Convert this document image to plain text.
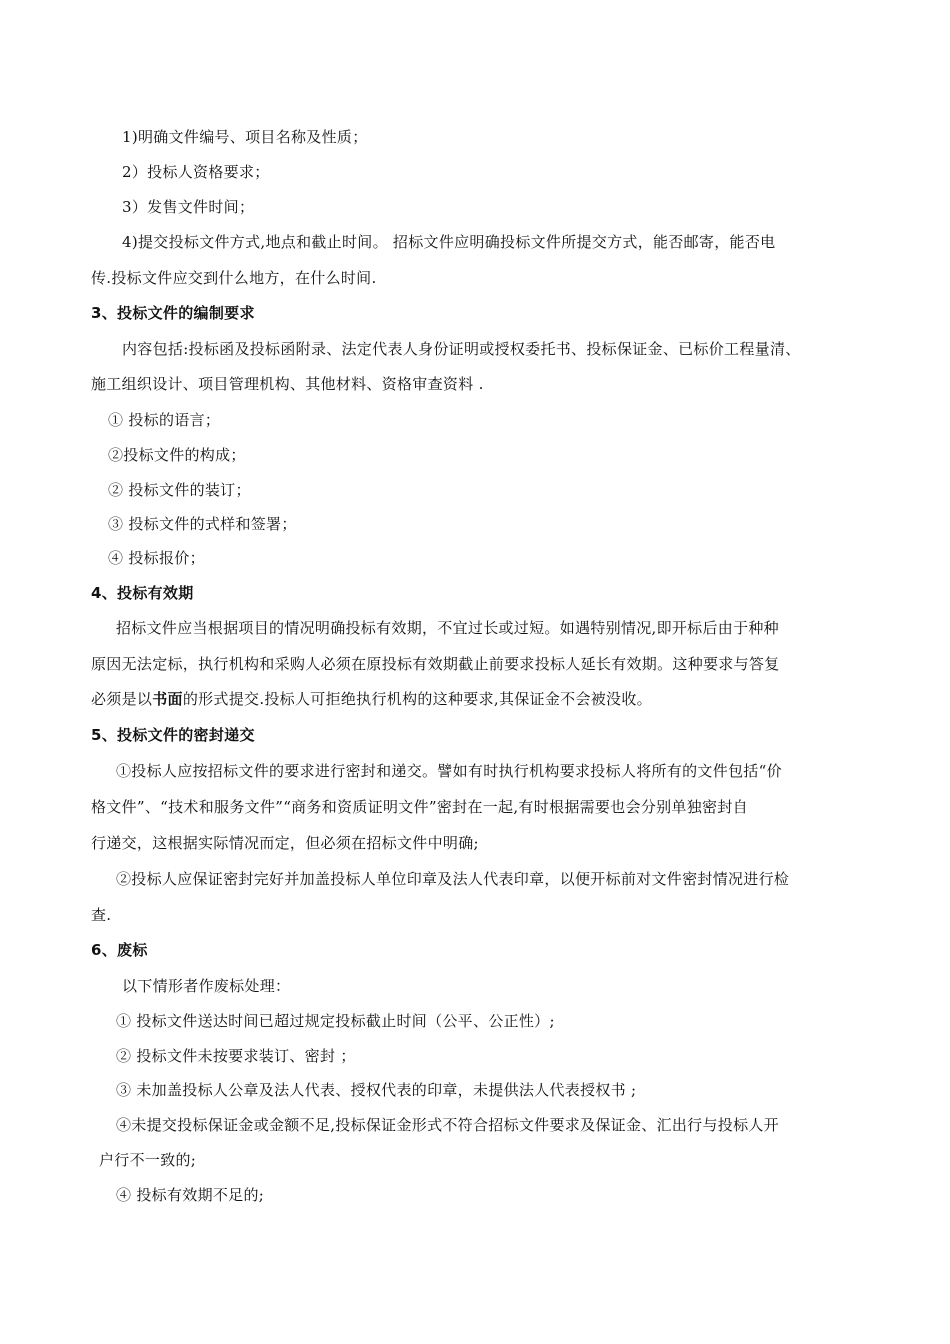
1)明确文件编号、项目名称及性质；
2）投标人资格要求；
3）发售文件时间；
4)提交投标文件方式,地点和截止时间。 招标文件应明确投标文件所提交方式，能否邮寄，能否电
传.投标文件应交到什么地方，在什么时间.
3、投标文件的编制要求
内容包括:投标函及投标函附录、法定代表人身份证明或授权委托书、投标保证金、已标价工程量清、
施工组织设计、项目管理机构、其他材料、资格审查资料 .
① 投标的语言；
②投标文件的构成；
② 投标文件的装订；
③ 投标文件的式样和签署；
④ 投标报价；
4、投标有效期
招标文件应当根据项目的情况明确投标有效期，不宜过长或过短。如遇特别情况,即开标后由于种种
原因无法定标，执行机构和采购人必须在原投标有效期截止前要求投标人延长有效期。这种要求与答复
必须是以书面的形式提交.投标人可拒绝执行机构的这种要求,其保证金不会被没收。
5、投标文件的密封递交
①投标人应按招标文件的要求进行密封和递交。譬如有时执行机构要求投标人将所有的文件包括“价
格文件”、“技术和服务文件”“商务和资质证明文件”密封在一起,有时根据需要也会分别单独密封自
行递交，这根据实际情况而定，但必须在招标文件中明确;
②投标人应保证密封完好并加盖投标人单位印章及法人代表印章，以便开标前对文件密封情况进行检
查.
6、废标
以下情形者作废标处理：
① 投标文件送达时间已超过规定投标截止时间（公平、公正性）;
② 投标文件未按要求装订、密封 ；
③ 未加盖投标人公章及法人代表、授权代表的印章，未提供法人代表授权书 ;
④未提交投标保证金或金额不足,投标保证金形式不符合招标文件要求及保证金、汇出行与投标人开
户行不一致的;
④ 投标有效期不足的;
